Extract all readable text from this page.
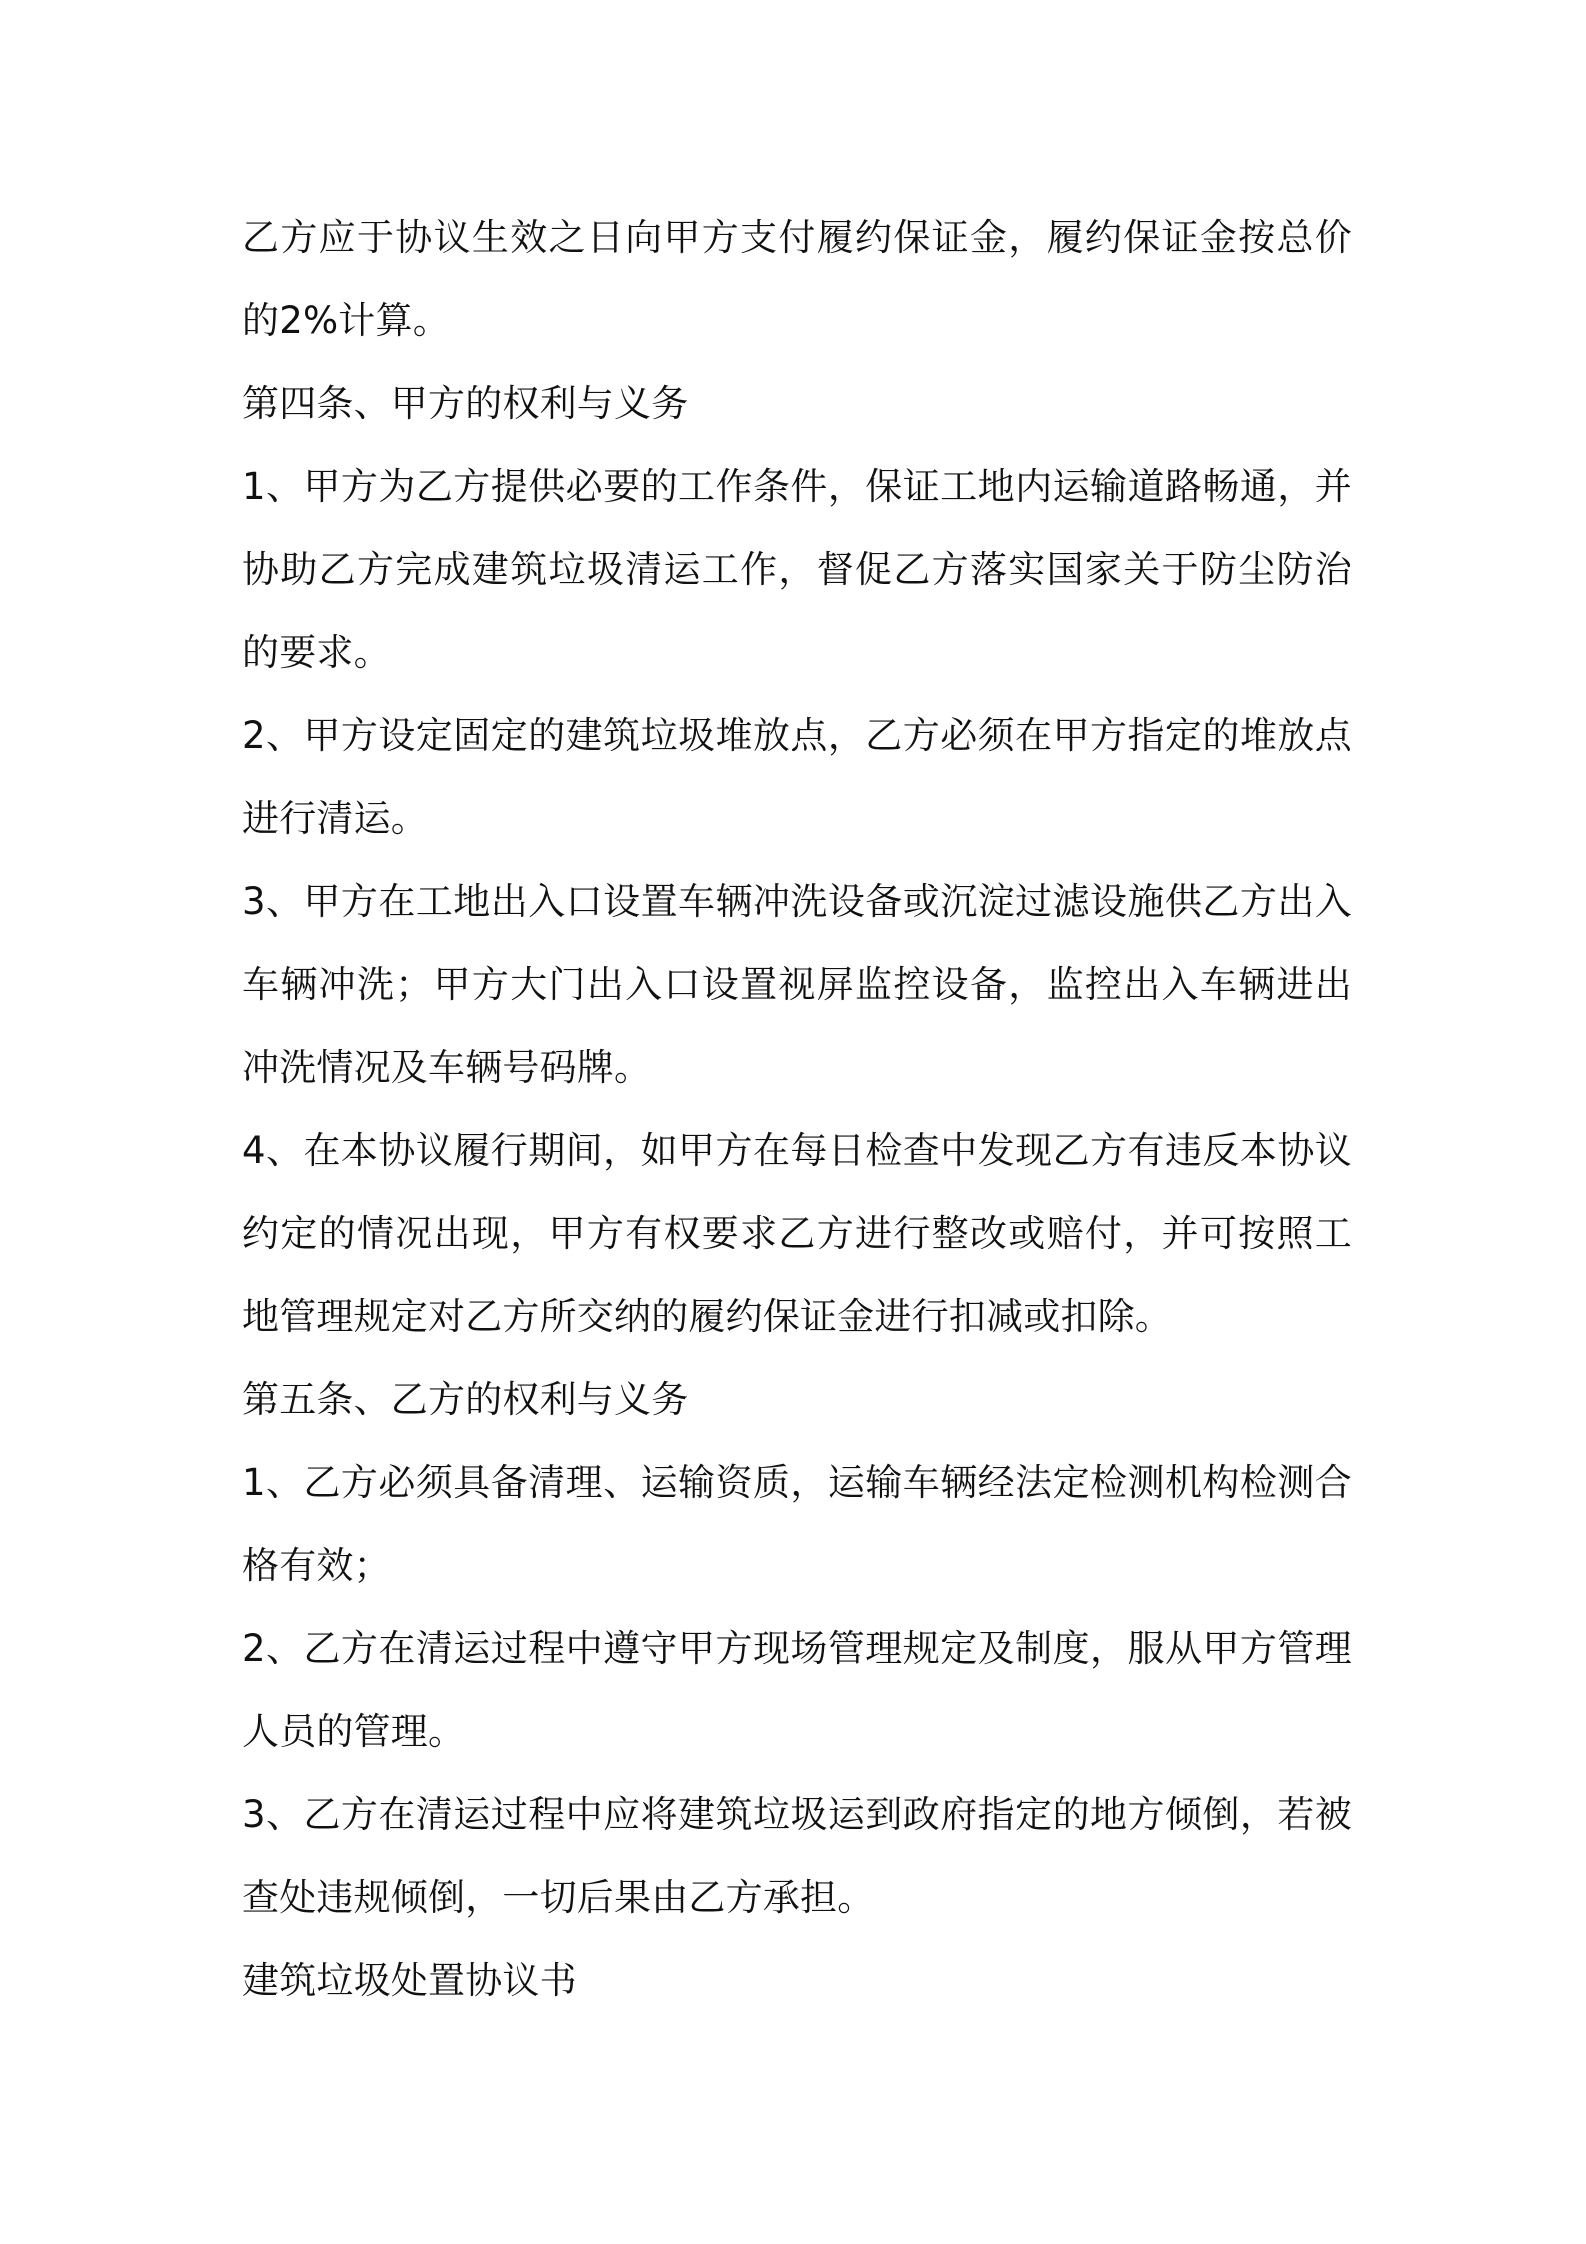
乙方应于协议生效之日向甲方支付履约保证金，履约保证金按总价的2%计算。

第四条、甲方的权利与义务

1、甲方为乙方提供必要的工作条件，保证工地内运输道路畅通，并协助乙方完成建筑垃圾清运工作，督促乙方落实国家关于防尘防治的要求。

2、甲方设定固定的建筑垃圾堆放点，乙方必须在甲方指定的堆放点进行清运。

3、甲方在工地出入口设置车辆冲洗设备或沉淀过滤设施供乙方出入车辆冲洗；甲方大门出入口设置视屏监控设备，监控出入车辆进出冲洗情况及车辆号码牌。

4、在本协议履行期间，如甲方在每日检查中发现乙方有违反本协议约定的情况出现，甲方有权要求乙方进行整改或赔付，并可按照工地管理规定对乙方所交纳的履约保证金进行扣减或扣除。

第五条、乙方的权利与义务

1、乙方必须具备清理、运输资质，运输车辆经法定检测机构检测合格有效；

2、乙方在清运过程中遵守甲方现场管理规定及制度，服从甲方管理人员的管理。

3、乙方在清运过程中应将建筑垃圾运到政府指定的地方倾倒，若被查处违规倾倒，一切后果由乙方承担。

建筑垃圾处置协议书
